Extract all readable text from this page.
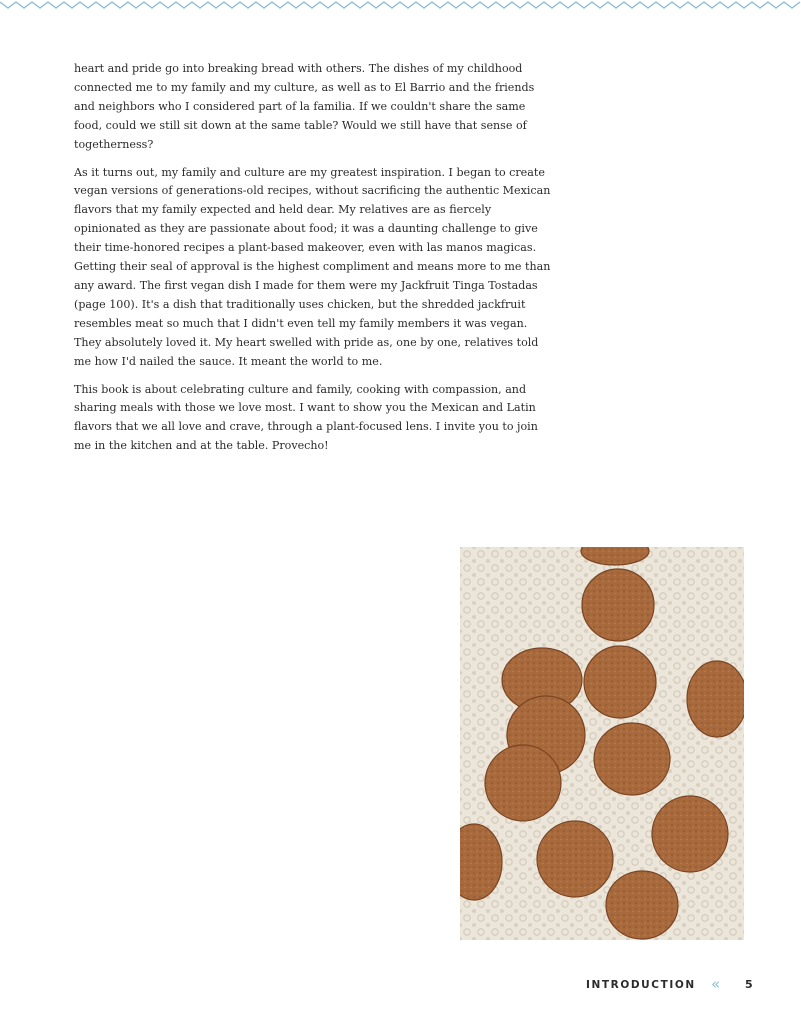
heart and pride go into breaking bread with others. The dishes of my childhood connected me to my family and my culture, as well as to El Barrio and the friends and neighbors who I considered part of la familia. If we couldn't share the same food, could we still sit down at the same table? Would we still have that sense of togetherness?

As it turns out, my family and culture are my greatest inspiration. I began to create vegan versions of generations-old recipes, without sacrificing the authentic Mexican flavors that my family expected and held dear. My relatives are as fiercely opinionated as they are passionate about food; it was a daunting challenge to give their time-honored recipes a plant-based makeover, even with las manos magicas. Getting their seal of approval is the highest compliment and means more to me than any award. The first vegan dish I made for them were my Jackfruit Tinga Tostadas (page 100). It's a dish that traditionally uses chicken, but the shredded jackfruit resembles meat so much that I didn't even tell my family members it was vegan. They absolutely loved it. My heart swelled with pride as, one by one, relatives told me how I'd nailed the sauce. It meant the world to me.

This book is about celebrating culture and family, cooking with compassion, and sharing meals with those we love most. I want to show you the Mexican and Latin flavors that we all love and crave, through a plant-focused lens. I invite you to join me in the kitchen and at the table. Provecho!

INTRODUCTION « 5
